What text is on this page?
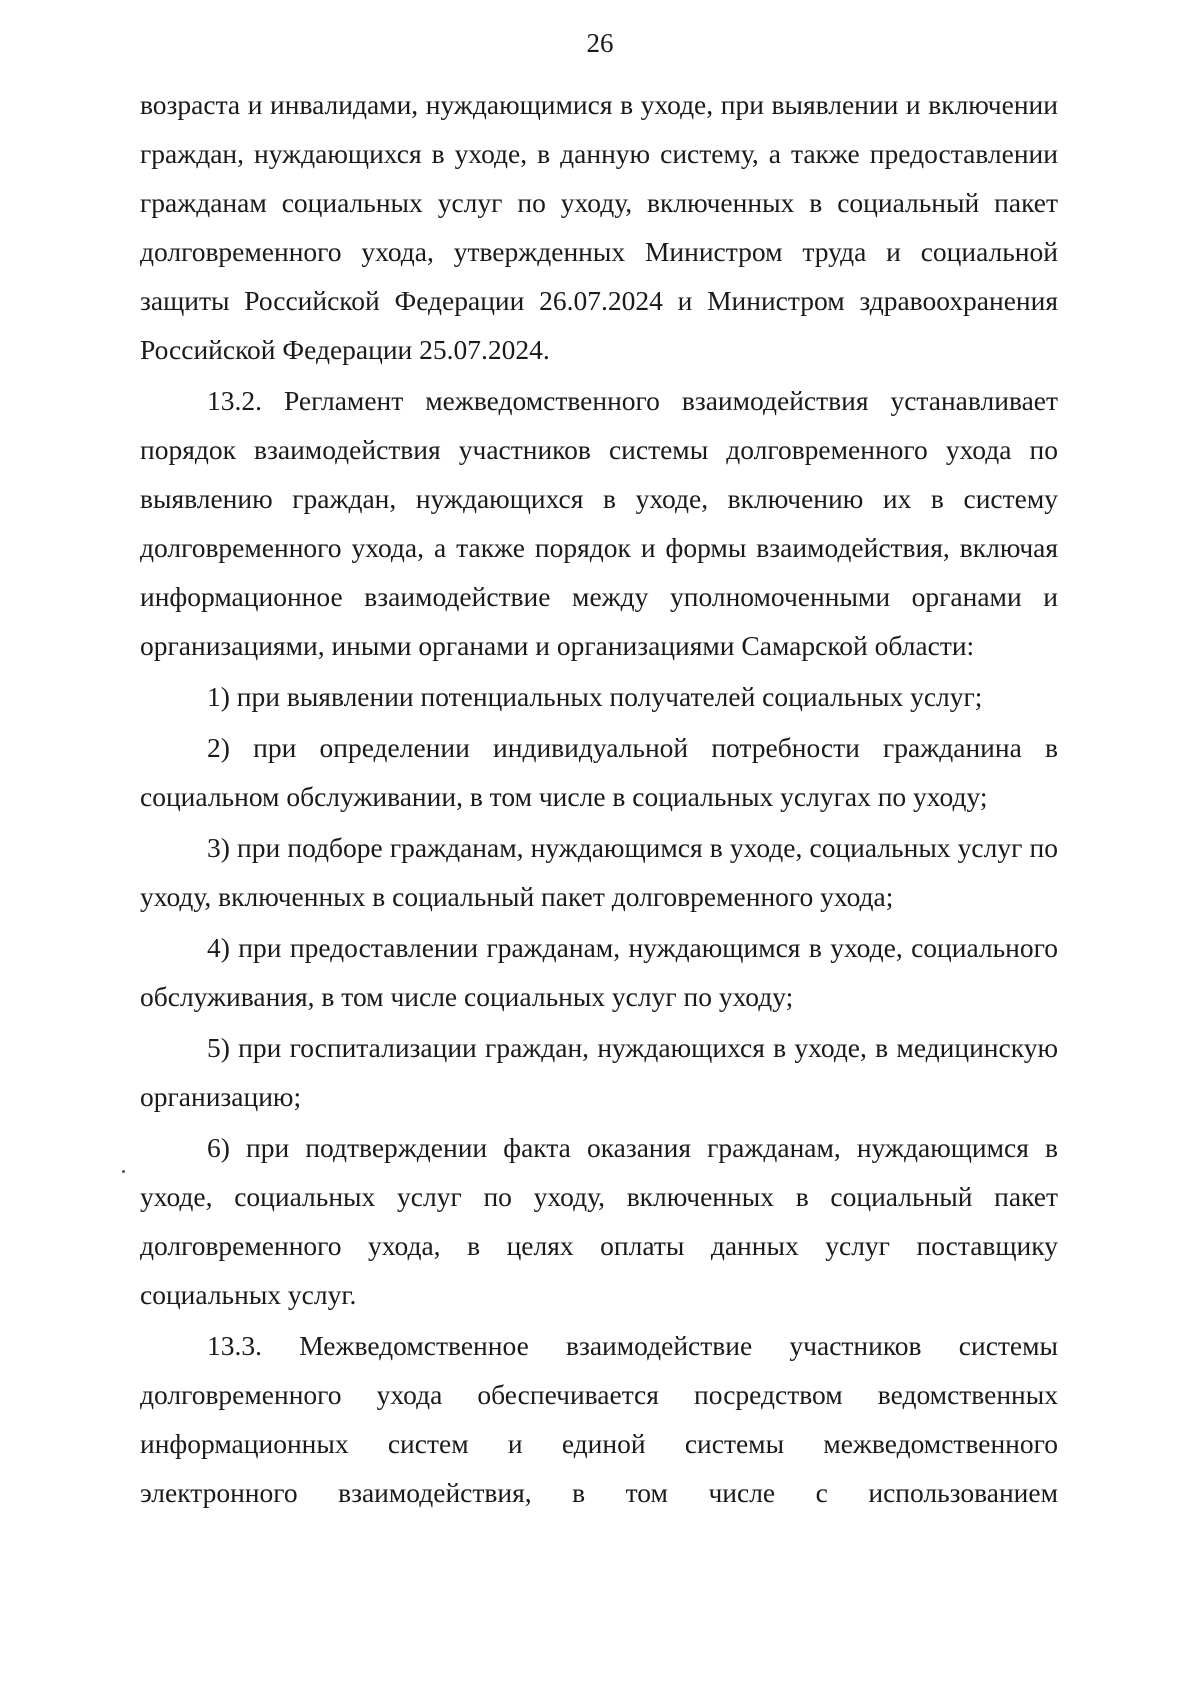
26

возраста и инвалидами, нуждающимися в уходе, при выявлении и включении граждан, нуждающихся в уходе, в данную систему, а также предоставлении гражданам социальных услуг по уходу, включенных в социальный пакет долговременного ухода, утвержденных Министром труда и социальной защиты Российской Федерации 26.07.2024 и Министром здравоохранения Российской Федерации 25.07.2024.

13.2. Регламент межведомственного взаимодействия устанавливает порядок взаимодействия участников системы долговременного ухода по выявлению граждан, нуждающихся в уходе, включению их в систему долговременного ухода, а также порядок и формы взаимодействия, включая информационное взаимодействие между уполномоченными органами и организациями, иными органами и организациями Самарской области:

1) при выявлении потенциальных получателей социальных услуг;

2) при определении индивидуальной потребности гражданина в социальном обслуживании, в том числе в социальных услугах по уходу;

3) при подборе гражданам, нуждающимся в уходе, социальных услуг по уходу, включенных в социальный пакет долговременного ухода;

4) при предоставлении гражданам, нуждающимся в уходе, социального обслуживания, в том числе социальных услуг по уходу;

5) при госпитализации граждан, нуждающихся в уходе, в медицинскую организацию;

6) при подтверждении факта оказания гражданам, нуждающимся в уходе, социальных услуг по уходу, включенных в социальный пакет долговременного ухода, в целях оплаты данных услуг поставщику социальных услуг.

13.3. Межведомственное взаимодействие участников системы долговременного ухода обеспечивается посредством ведомственных информационных систем и единой системы межведомственного электронного взаимодействия, в том числе с использованием
